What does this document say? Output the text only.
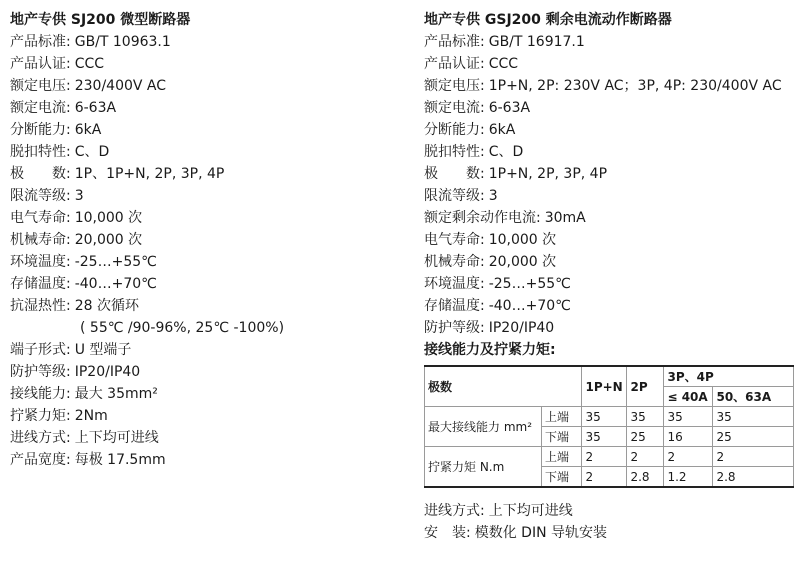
地产专供 SJ200 微型断路器
产品标准: GB/T 10963.1
产品认证: CCC
额定电压: 230/400V AC
额定电流: 6-63A
分断能力: 6kA
脱扣特性: C、D
极　　数: 1P、1P+N, 2P, 3P, 4P
限流等级: 3
电气寿命: 10,000 次
机械寿命: 20,000 次
环境温度: -25…+55℃
存储温度: -40…+70℃
抗湿热性: 28 次循环
( 55℃ /90-96%, 25℃ -100%)
端子形式: U 型端子
防护等级: IP20/IP40
接线能力: 最大 35mm²
拧紧力矩: 2Nm
进线方式: 上下均可进线
产品宽度: 每极 17.5mm
地产专供 GSJ200 剩余电流动作断路器
产品标准: GB/T 16917.1
产品认证: CCC
额定电压: 1P+N, 2P: 230V AC；3P, 4P: 230/400V AC
额定电流: 6-63A
分断能力: 6kA
脱扣特性: C、D
极　　数: 1P+N, 2P, 3P, 4P
限流等级: 3
额定剩余动作电流: 30mA
电气寿命: 10,000 次
机械寿命: 20,000 次
环境温度: -25…+55℃
存储温度: -40…+70℃
防护等级: IP20/IP40
接线能力及拧紧力矩:
极数		1P+N	2P	3P、4P	
				≤ 40A	50、63A
最大接线能力 mm²	上端	35	35	35	35
	下端	35	25	16	25
拧紧力矩 N.m	上端	2	2	2	2
	下端	2	2.8	1.2	2.8
进线方式: 上下均可进线
安　装: 模数化 DIN 导轨安装
